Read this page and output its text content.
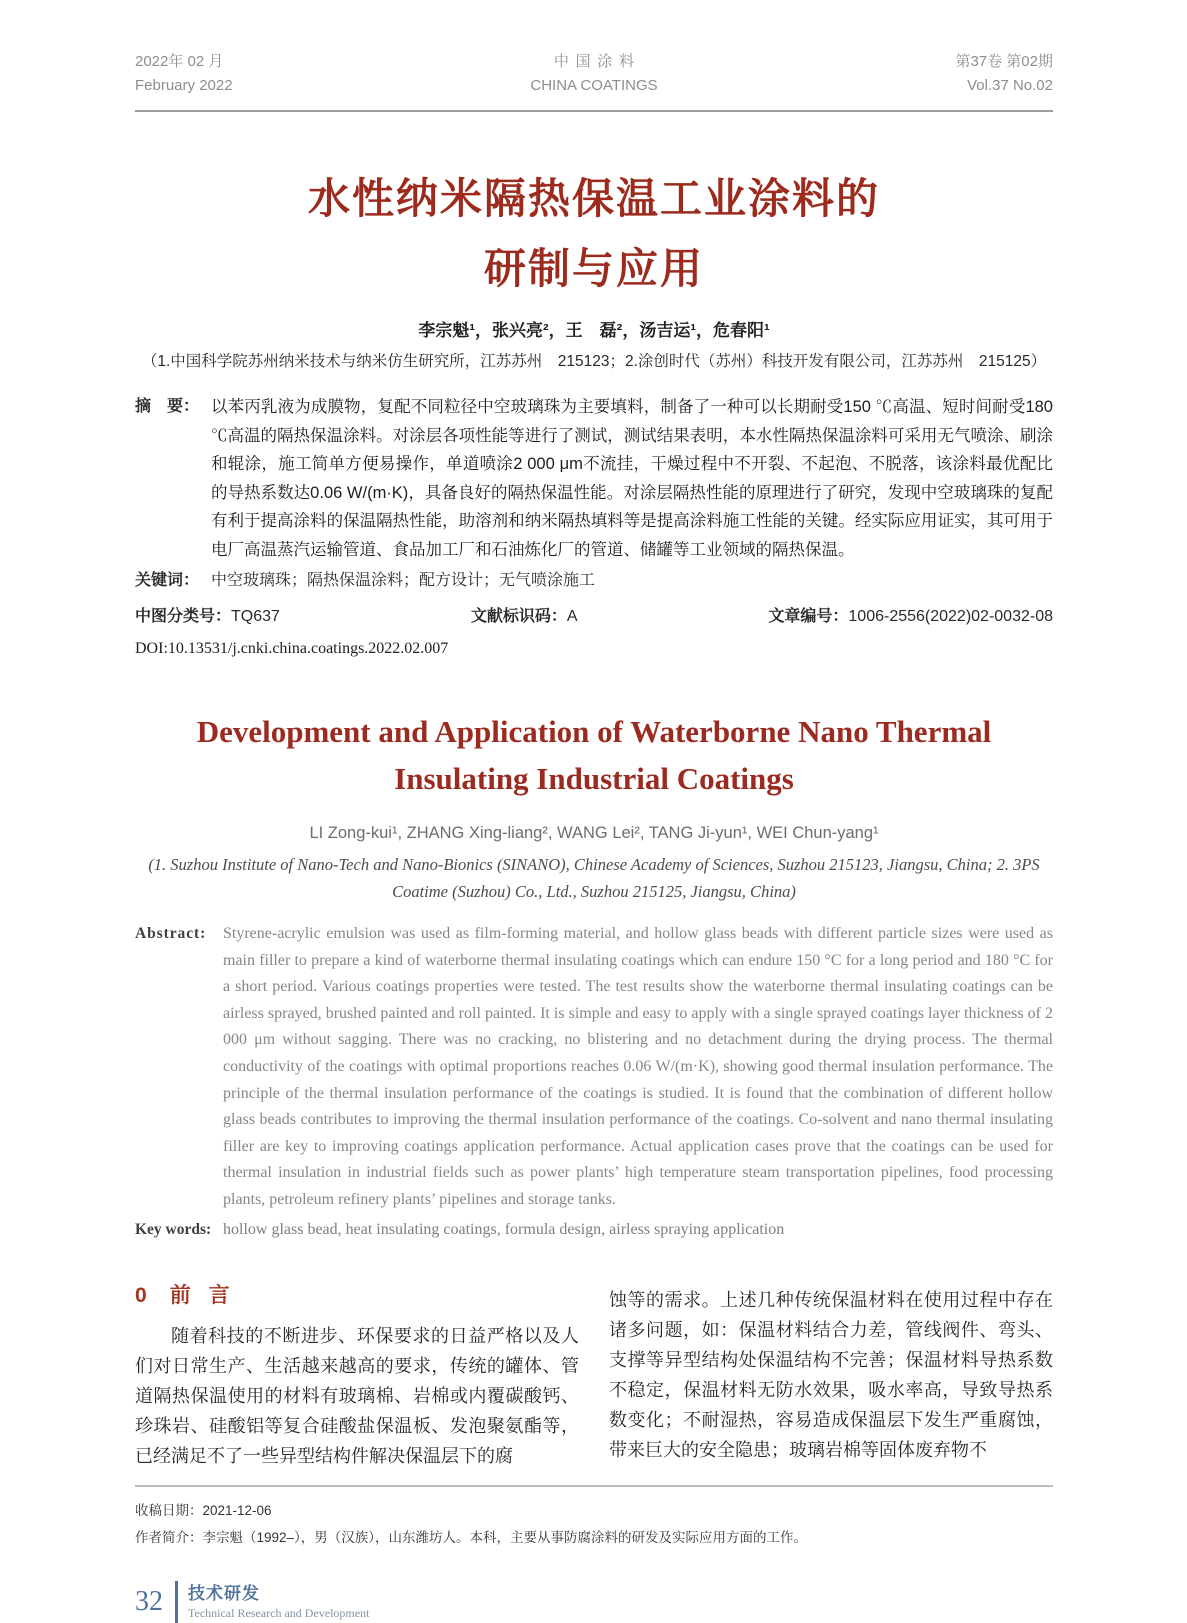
2022年 02 月
February 2022
中国涂料
CHINA COATINGS
第37卷 第02期
Vol.37 No.02
水性纳米隔热保温工业涂料的
研制与应用
李宗魁¹，张兴亮²，王　磊²，汤吉运¹，危春阳¹
（1.中国科学院苏州纳米技术与纳米仿生研究所，江苏苏州　215123；2.涂创时代（苏州）科技开发有限公司，江苏苏州　215125）
摘　要： 以苯丙乳液为成膜物，复配不同粒径中空玻璃珠为主要填料，制备了一种可以长期耐受150 ℃高温、短时间耐受180 ℃高温的隔热保温涂料。对涂层各项性能等进行了测试，测试结果表明，本水性隔热保温涂料可采用无气喷涂、刷涂和辊涂，施工简单方便易操作，单道喷涂2 000 μm不流挂，干燥过程中不开裂、不起泡、不脱落，该涂料最优配比的导热系数达0.06 W/(m·K)，具备良好的隔热保温性能。对涂层隔热性能的原理进行了研究，发现中空玻璃珠的复配有利于提高涂料的保温隔热性能，助溶剂和纳米隔热填料等是提高涂料施工性能的关键。经实际应用证实，其可用于电厂高温蒸汽运输管道、食品加工厂和石油炼化厂的管道、储罐等工业领域的隔热保温。

关键词： 中空玻璃珠；隔热保温涂料；配方设计；无气喷涂施工

中图分类号：TQ637	文献标识码：A	文章编号：1006-2556(2022)02-0032-08
DOI:10.13531/j.cnki.china.coatings.2022.02.007
Development and Application of Waterborne Nano Thermal
Insulating Industrial Coatings
LI Zong-kui¹, ZHANG Xing-liang², WANG Lei², TANG Ji-yun¹, WEI Chun-yang¹
(1. Suzhou Institute of Nano-Tech and Nano-Bionics (SINANO), Chinese Academy of Sciences, Suzhou 215123, Jiangsu, China; 2. 3PS Coatime (Suzhou) Co., Ltd., Suzhou 215125, Jiangsu, China)
Abstract:	Styrene-acrylic emulsion was used as film-forming material, and hollow glass beads with different particle sizes were used as main filler to prepare a kind of waterborne thermal insulating coatings which can endure 150 °C for a long period and 180 °C for a short period. Various coatings properties were tested. The test results show the waterborne thermal insulating coatings can be airless sprayed, brushed painted and roll painted. It is simple and easy to apply with a single sprayed coatings layer thickness of 2 000 μm without sagging. There was no cracking, no blistering and no detachment during the drying process. The thermal conductivity of the coatings with optimal proportions reaches 0.06 W/(m·K), showing good thermal insulation performance. The principle of the thermal insulation performance of the coatings is studied. It is found that the combination of different hollow glass beads contributes to improving the thermal insulation performance of the coatings. Co-solvent and nano thermal insulating filler are key to improving coatings application performance. Actual application cases prove that the coatings can be used for thermal insulation in industrial fields such as power plants’ high temperature steam transportation pipelines, food processing plants, petroleum refinery plants’ pipelines and storage tanks.

Key words: hollow glass bead, heat insulating coatings, formula design, airless spraying application

0 前言

随着科技的不断进步、环保要求的日益严格以及人们对日常生产、生活越来越高的要求，传统的罐体、管道隔热保温使用的材料有玻璃棉、岩棉或内覆碳酸钙、珍珠岩、硅酸铝等复合硅酸盐保温板、发泡聚氨酯等，已经满足不了一些异型结构件解决保温层下的腐

蚀等的需求。上述几种传统保温材料在使用过程中存在诸多问题，如：保温材料结合力差，管线阀件、弯头、支撑等异型结构处保温结构不完善；保温材料导热系数不稳定，保温材料无防水效果，吸水率高，导致导热系数变化；不耐湿热，容易造成保温层下发生严重腐蚀，带来巨大的安全隐患；玻璃岩棉等固体废弃物不

收稿日期：2021-12-06
作者简介：李宗魁（1992–），男（汉族），山东潍坊人。本科，主要从事防腐涂料的研发及实际应用方面的工作。
32 技术研发
Technical Research and Development
